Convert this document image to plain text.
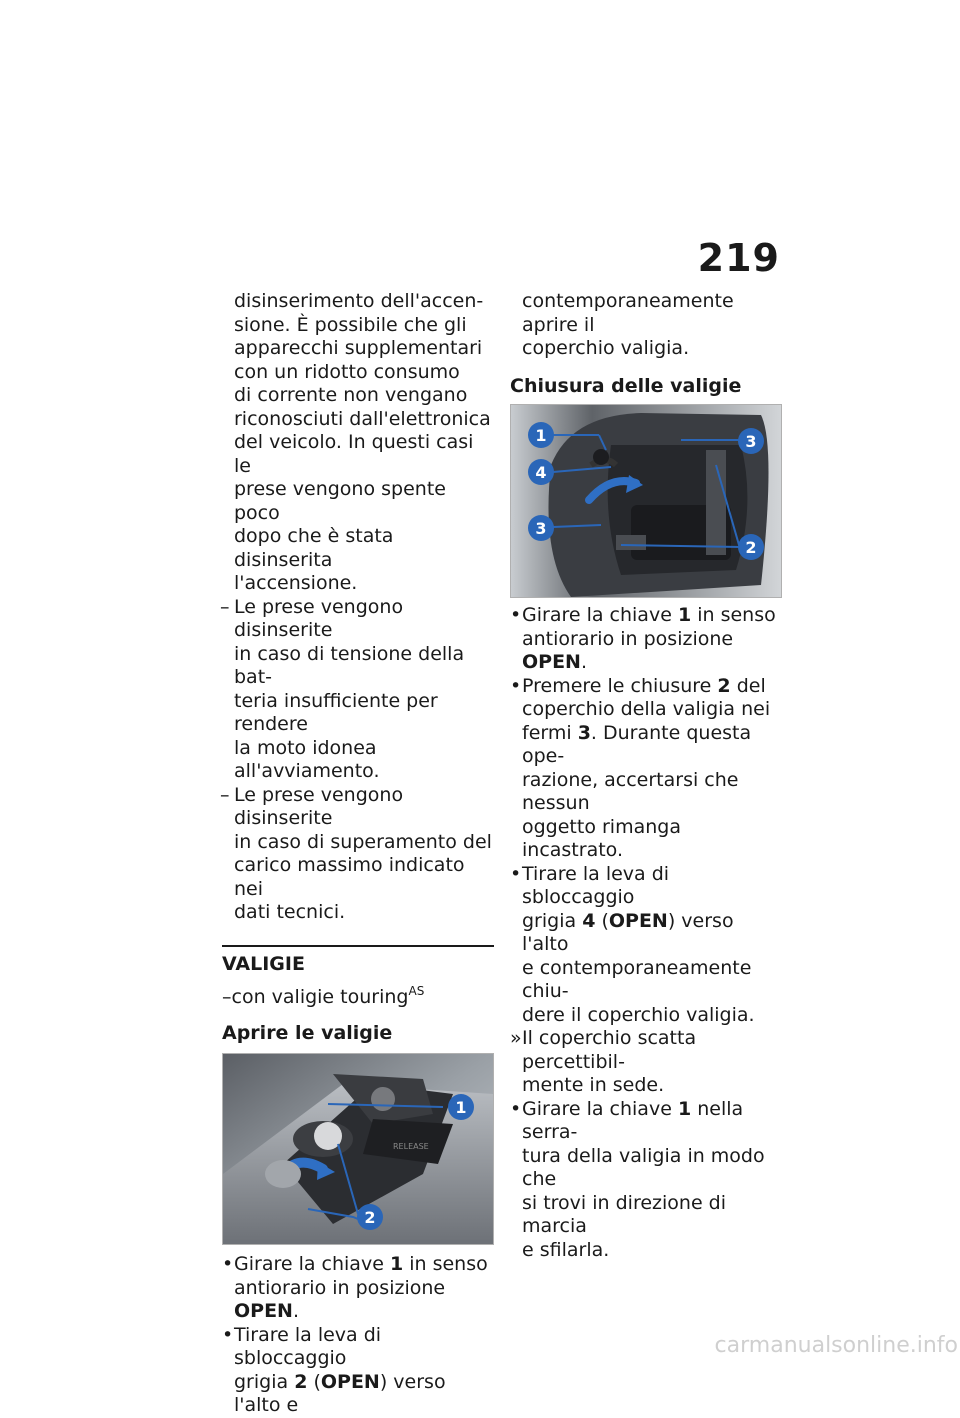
219
disinserimento dell'accen-
sione. È possibile che gli
apparecchi supplementari
con un ridotto consumo
di corrente non vengano
riconosciuti dall'elettronica
del veicolo. In questi casi le
prese vengono spente poco
dopo che è stata disinserita
l'accensione.
– Le prese vengono disinserite
in caso di tensione della bat-
teria insufficiente per rendere
la moto idonea all'avviamento.
– Le prese vengono disinserite
in caso di superamento del
carico massimo indicato nei
dati tecnici.
VALIGIE
–con valigie touring$^{AS}$
Aprire le valigie
RELEASE
1
2
• Girare la chiave 1 in senso
antiorario in posizione OPEN.
• Tirare la leva di sbloccaggio
grigia 2 (OPEN) verso l'alto e
contemporaneamente aprire il
coperchio valigia.
Chiusura delle valigie
1
4
3
3
2
• Girare la chiave 1 in senso
antiorario in posizione OPEN.
• Premere le chiusure 2 del
coperchio della valigia nei
fermi 3. Durante questa ope-
razione, accertarsi che nessun
oggetto rimanga incastrato.
• Tirare la leva di sbloccaggio
grigia 4 (OPEN) verso l'alto
e contemporaneamente chiu-
dere il coperchio valigia.
» Il coperchio scatta percettibil-
mente in sede.
• Girare la chiave 1 nella serra-
tura della valigia in modo che
si trovi in direzione di marcia
e sfilarla.
carmanualsonline.info
